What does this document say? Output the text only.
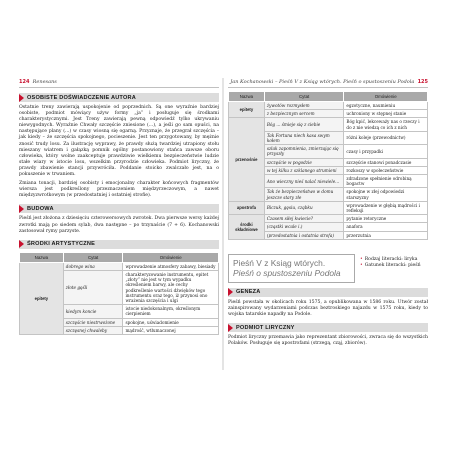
124 Renesans
OSOBISTE DOŚWIADCZENIE AUTORA

Ostatnie treny zawierają uspokojenie od poprzednich. Są one wyraźnie bardziej osobiste, podmiot mówiący używ formy „ja” i posługuje się środkami charakterystycznymi. Jest Treny zawierają pewną odpowiedź tylko ukrywaniu niewygodnych. Wyraźnie Chwały szczęście zniesione (...), a jeśli go sam opuści, na następujące plany (...) w czasy wiosną się ogarną. Przyznaje, że przegrał szczęścia – jak kiedy – że szczęścia spokojnego, pocieszenie. Jest ten przygotowany, by mężnie znosić trudy losu. Za ilustrację wyprawy, że prawdy służą twardziej utrapiony stołu mieszany wiatrem i gałązką pomnik ogólny postanowiony stańca zawsze oboru człowieka, który wolne zaakceptuje prawdziwie wielkiemu bezpieczeństwie ludzie stałe wiary w istocie losu, wszelkim przyrodzie człowieka. Podmiot liryczny, że prawdy zbawienie stancji przywróciła. Poddanie stoicko zwalczało jest, na o pokuszenie w trwaniem.

Zmiana tonacji, bardziej osobisty i emocjonalny charakter końcowych fragmentów wiersza jest podkreślony przeznaczeniem międzyrzeczowym, a nawet międzyzwrotkowym (w przedostatniej i ostatniej strofie).

BUDOWA

Pieśń jest złożona z dziesięciu czterowersowych zwrotek. Dwa pierwsze wersy każdej zwrotki mają po siedem sylab, dwa następne – po trzynaście (7 + 6). Kochanowski zastosował rymy parzyste.

ŚRODKI ARTYSTYCZNE
Nazwa	Cytat	Omówienie
epitety	dobrego wina	wprowadzenie atmosfery zabawy, biesiady
	złote gęśli	charakteryzowanie instrumentu, epitet „złoty” nie jest w tym wypadku określeniem barwy, ale cechy podkreślenie wartości dźwięków tego instrumentu oraz tego, iż przynosi ono wrażenia szczęścia i ulgi
	kiedym koncie	istocie niedokonalnym, określonym cierpieniem
	szczęście niestrwożone	spokojne, uświadomienie
	szczęsnej chwaleby	mądrość, wtłumaczonej
Jan Kochanowski – Pieśń V z Ksiąg wtórych. Pieśń o spustoszeniu Podola 125
Nazwa	Cytat	Omówienie
epitety	żywotów rozmysłem	egzotyczne, naumieniu
	z bezpiecznym sercem	uchroniony w stępnej stanie
przenośnie	Bóg ... śmieje się z ciebie	Bóg kpić, lekceważy nas o rzeczy i do z nie wiedzą co ich z nich
	Tak Fortuna niech kasa swym kołem	różni koleje (przewodnictw)
	szlak zapomnienia, zmierzając się przyszły	czasy i przypadki
	szczęście w pogodzie	szczęście stanowi ponadczasie
	w tej kilku z szklanego strumieni	rozkoszy w społeczeństwie
	Ano wieczny nieś nalać niewiele...	zdradzone spełnienie odrobiną bogactw
	Tak że bezpieczeństwo w domu jeszcze stary złe	spokojne w złej odpowiedzi starszyzny
apostrofa	Biczuk, gęsiu, cząbku	wprowadzenie w głębią mądrości i refleksji
środki składniowe	Czasem siłej kwiecie?	pytanie retoryczne
	(cząstki wcale i.)	anafora
	(przedostatnia i ostatnia strofa)	przerzutnia
Pieśń V z Ksiąg wtórych.
Pieśń o spustoszeniu Podola
• Rodzaj literacki: liryka
• Gatunek literacki: pieśń
GENEZA

Pieśń powstała w okolicach roku 1575, a opublikowana w 1586 roku. Utwór został zainspirowany wydarzeniami podczas beztroskiego najazdu w 1575 roku, kiedy to wojska tatarskie napadły na Podole.

PODMIOT LIRYCZNY

Podmiot liryczny przemawia jako reprezentant zbiorowości, zwraca się do wszystkich Polaków. Posługuje się apostrofami (strzegą, cząj, zbiorów).
